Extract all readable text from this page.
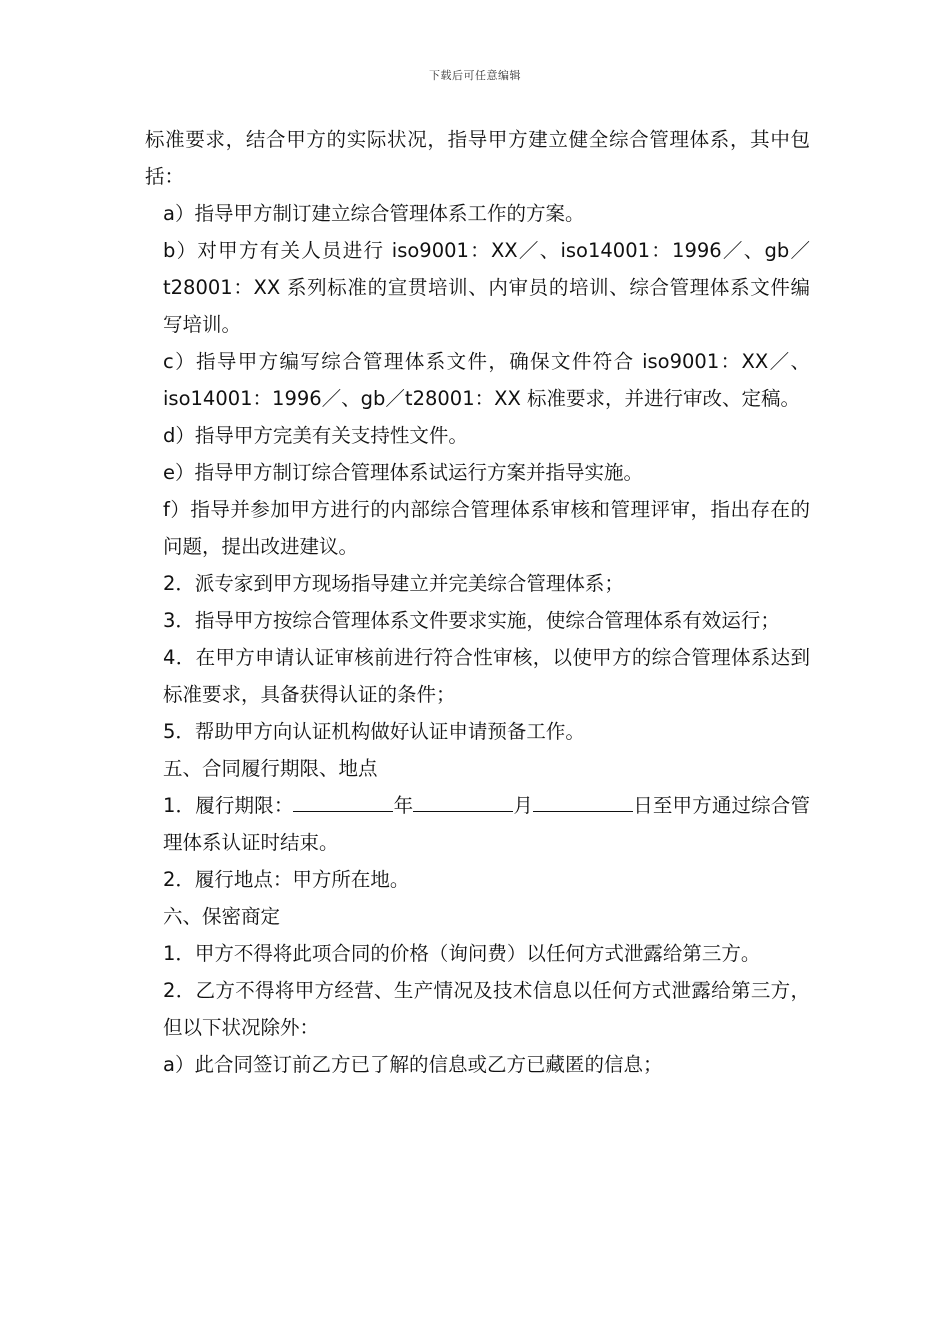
下载后可任意编辑

标准要求，结合甲方的实际状况，指导甲方建立健全综合管理体系，其中包括：

a）指导甲方制订建立综合管理体系工作的方案。

b）对甲方有关人员进行 iso9001：XX／、iso14001：1996／、gb／t28001：XX 系列标准的宣贯培训、内审员的培训、综合管理体系文件编写培训。

c）指导甲方编写综合管理体系文件，确保文件符合 iso9001：XX／、iso14001：1996／、gb／t28001：XX 标准要求，并进行审改、定稿。

d）指导甲方完美有关支持性文件。

e）指导甲方制订综合管理体系试运行方案并指导实施。

f）指导并参加甲方进行的内部综合管理体系审核和管理评审，指出存在的问题，提出改进建议。

2．派专家到甲方现场指导建立并完美综合管理体系；

3．指导甲方按综合管理体系文件要求实施，使综合管理体系有效运行；

4．在甲方申请认证审核前进行符合性审核，以使甲方的综合管理体系达到标准要求，具备获得认证的条件；

5．帮助甲方向认证机构做好认证申请预备工作。

五、合同履行期限、地点

1．履行期限：	年	月	日至甲方通过综合管理体系认证时结束。

2．履行地点：甲方所在地。

六、保密商定

1．甲方不得将此项合同的价格（询问费）以任何方式泄露给第三方。

2．乙方不得将甲方经营、生产情况及技术信息以任何方式泄露给第三方，但以下状况除外：

a）此合同签订前乙方已了解的信息或乙方已藏匿的信息；
